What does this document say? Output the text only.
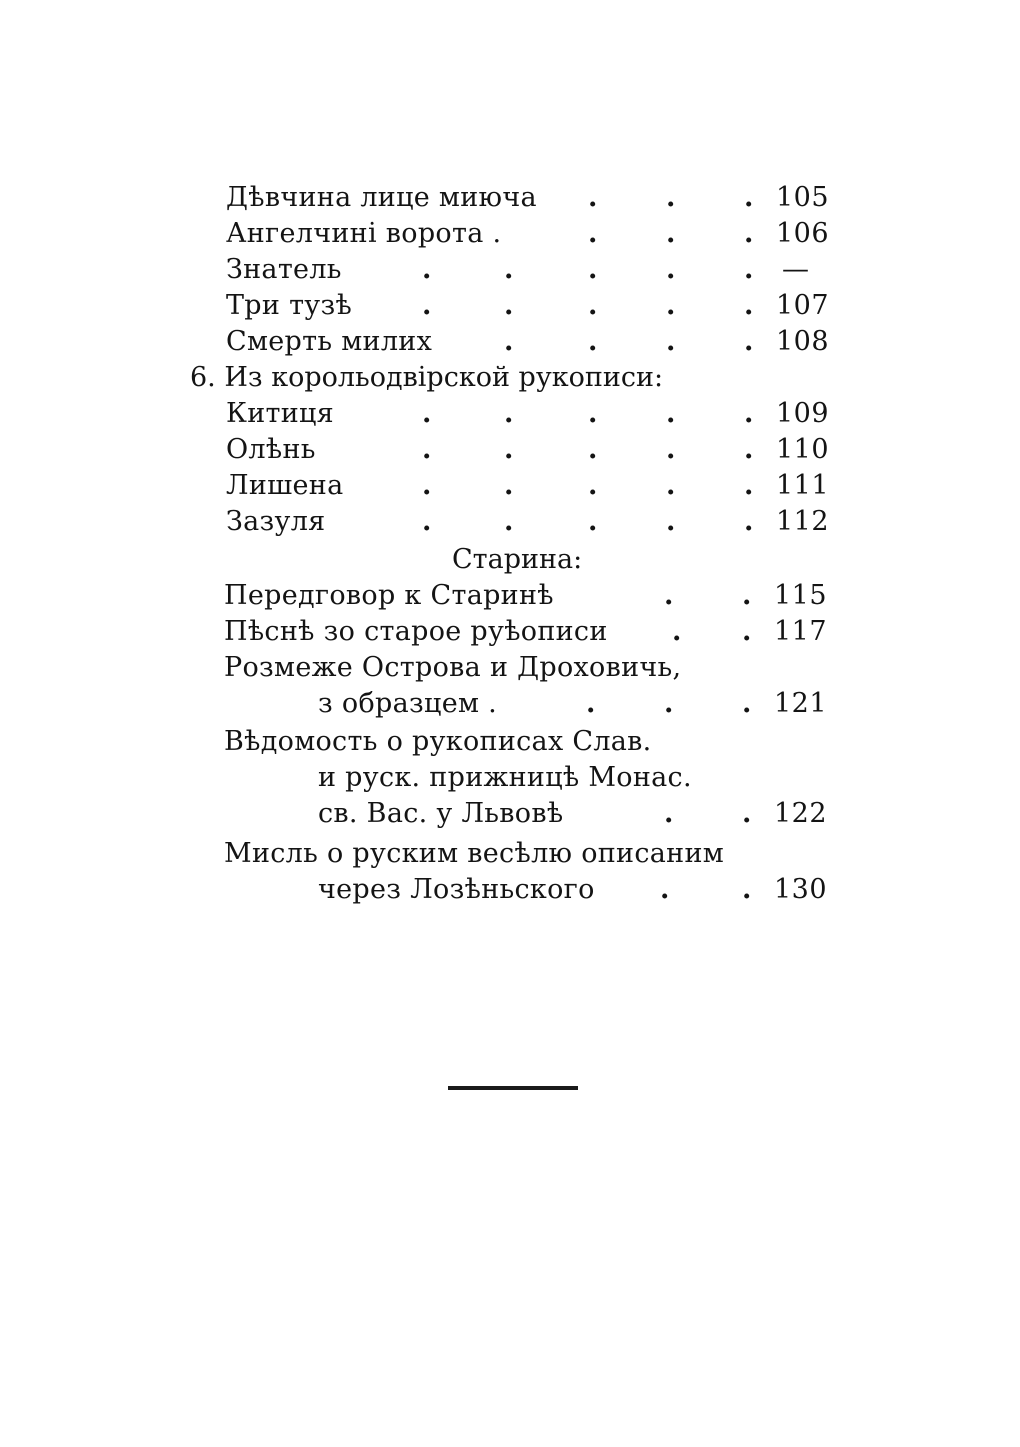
Дѣвчина лице миюча .	.	. 105
Ангелчині ворота .	.	.	. 106
Знатель	.	.	.	.	. —
Три тузѣ	.	.	.	.	. 107
Смерть милих	.	.	.	. 108
6. Из корольодвірской рукописи:
Китиця	.	.	.	.	. 109
Олѣнь	.	.	.	.	. 110
Лишена	.	.	.	.	. 111
Зазуля	.	.	.	.	. 112
Старина:
Передговор к Старинѣ	.	. 115
Пѣснѣ зо старое руѣописи . . 117
Розмеже Острова и Дроховичь,
з образцем .	.	.	. 121
Вѣдомость о рукописах Слав.
и руск. прижницѣ Монас.
св. Вас. у Львовѣ	.	. 122
Мисль о руским весѣлю описаним
через Лозѣньского .	. 130
